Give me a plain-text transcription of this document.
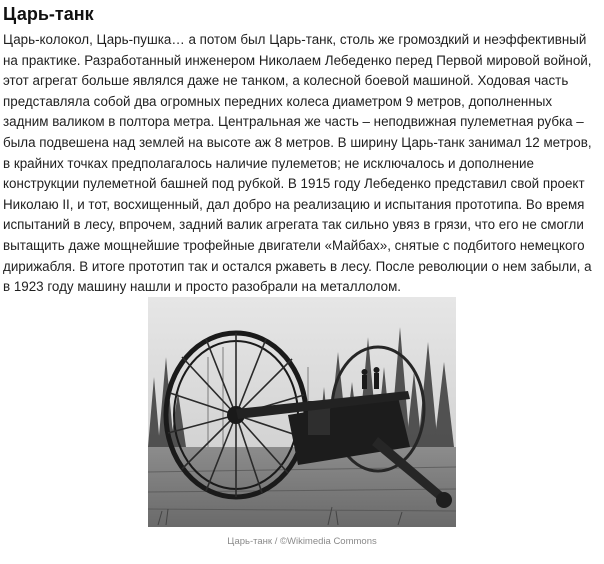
Царь-танк

Царь-колокол, Царь-пушка… а потом был Царь-танк, столь же громоздкий и неэффективный на практике. Разработанный инженером Николаем Лебеденко перед Первой мировой войной, этот агрегат больше являлся даже не танком, а колесной боевой машиной. Ходовая часть представляла собой два огромных передних колеса диаметром 9 метров, дополненных задним валиком в полтора метра. Центральная же часть – неподвижная пулеметная рубка – была подвешена над землей на высоте аж 8 метров. В ширину Царь-танк занимал 12 метров, в крайних точках предполагалось наличие пулеметов; не исключалось и дополнение конструкции пулеметной башней под рубкой. В 1915 году Лебеденко представил свой проект Николаю II, и тот, восхищенный, дал добро на реализацию и испытания прототипа. Во время испытаний в лесу, впрочем, задний валик агрегата так сильно увяз в грязи, что его не смогли вытащить даже мощнейшие трофейные двигатели «Майбах», снятые с подбитого немецкого дирижабля. В итоге прототип так и остался ржаветь в лесу. После революции о нем забыли, а в 1923 году машину нашли и просто разобрали на металлолом.

Царь-танк / ©Wikimedia Commons
